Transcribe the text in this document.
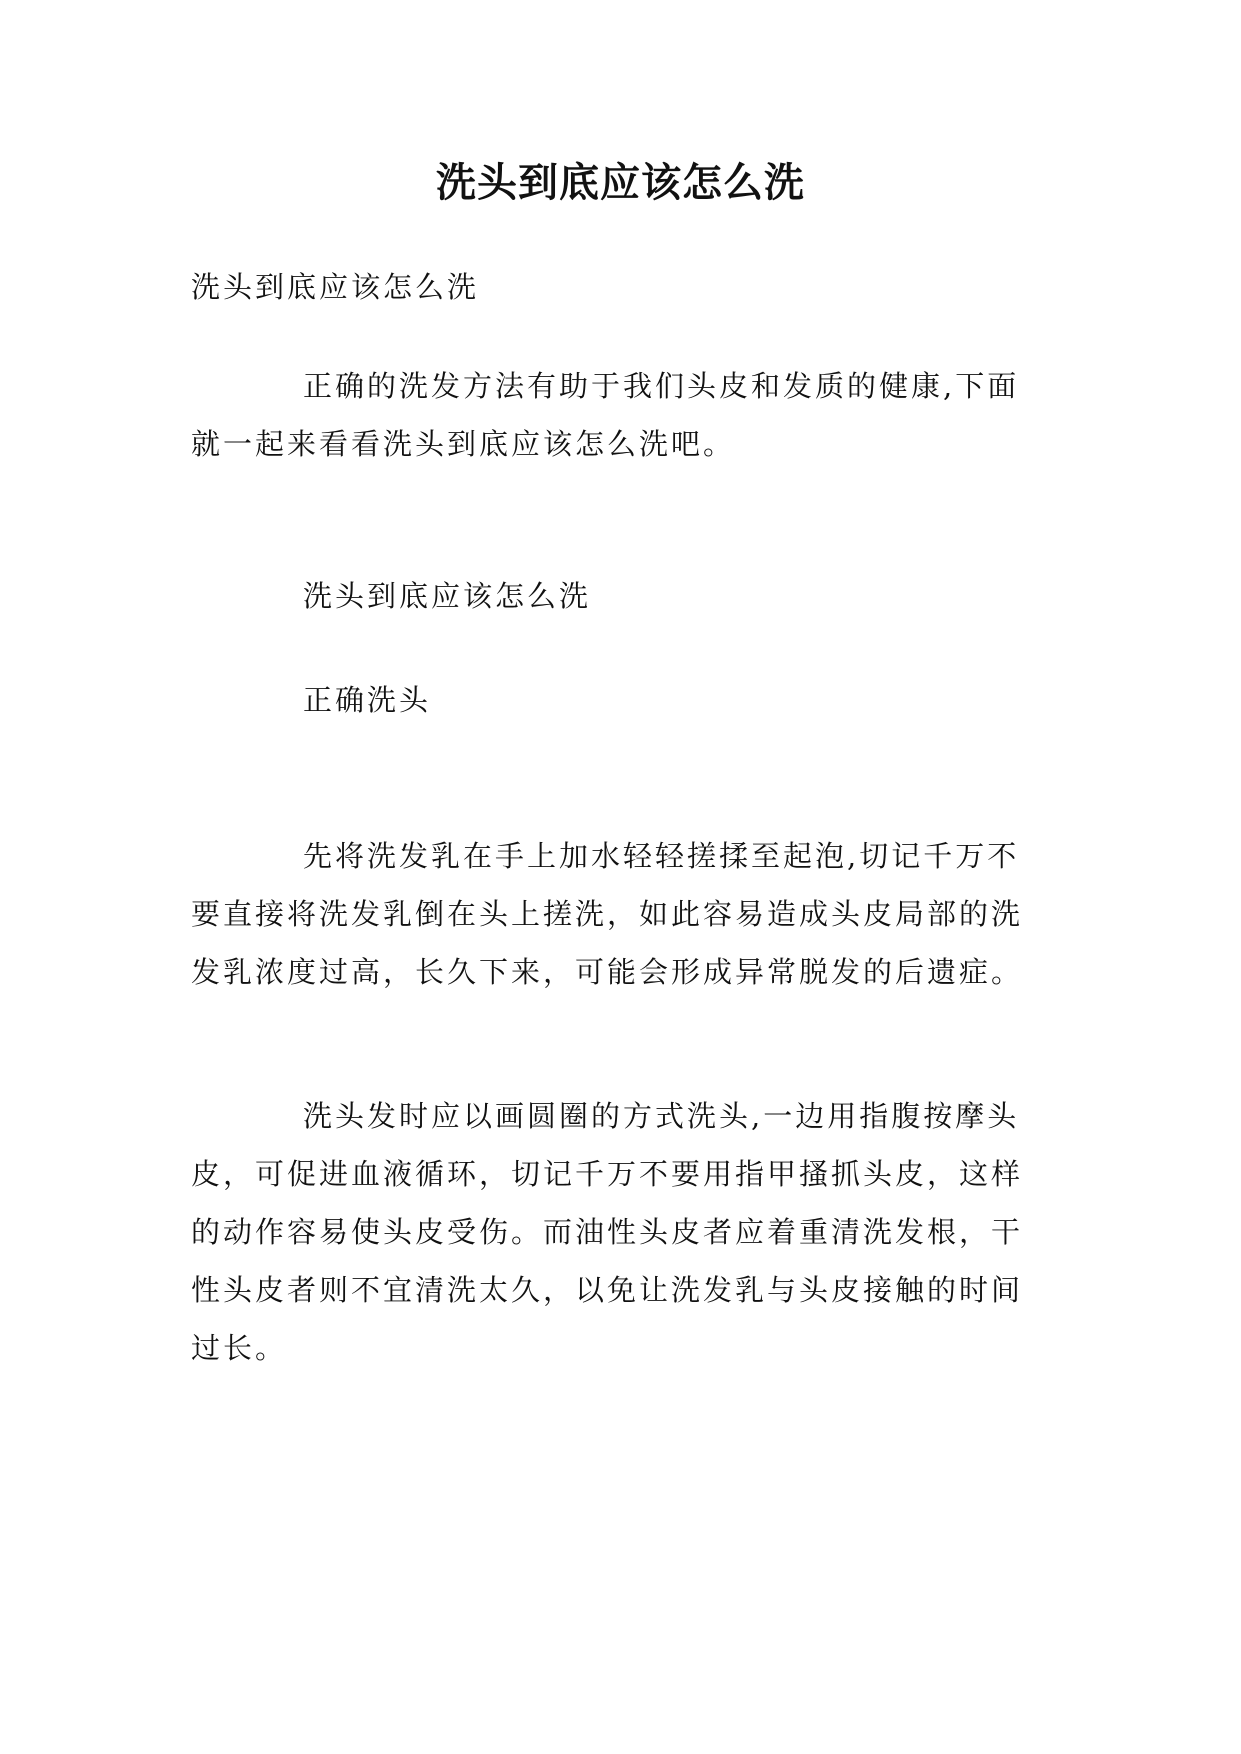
洗头到底应该怎么洗

洗头到底应该怎么洗

正确的洗发方法有助于我们头皮和发质的健康,下面
就一起来看看洗头到底应该怎么洗吧。

洗头到底应该怎么洗

正确洗头

先将洗发乳在手上加水轻轻搓揉至起泡,切记千万不
要直接将洗发乳倒在头上搓洗，如此容易造成头皮局部的洗
发乳浓度过高，长久下来，可能会形成异常脱发的后遗症。

洗头发时应以画圆圈的方式洗头,一边用指腹按摩头
皮，可促进血液循环，切记千万不要用指甲搔抓头皮，这样
的动作容易使头皮受伤。而油性头皮者应着重清洗发根，干
性头皮者则不宜清洗太久，以免让洗发乳与头皮接触的时间
过长。
